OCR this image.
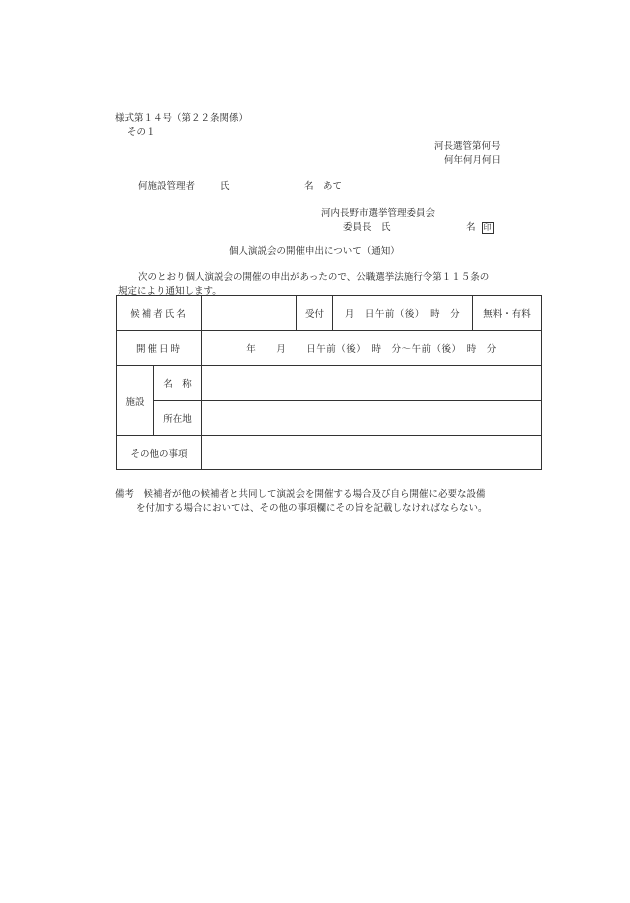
様式第１４号（第２２条関係）
その１
河長選管第何号
何年何月何日
何施設管理者	氏	名　あて
河内長野市選挙管理委員会
委員長　氏	名 印
個人演説会の開催申出について（通知）
次のとおり個人演説会の開催の申出があったので、公職選挙法施行令第１１５条の
規定により通知します。
候補者氏名			受付	月　日午前（後）　時　分	無料・有料
開催日時		年　　月　　日午前（後）　時　分〜午前（後）　時　分			
施設	名　称				
	所在地				
その他の事項					
備考　候補者が他の候補者と共同して演説会を開催する場合及び自ら開催に必要な設備
を付加する場合においては、その他の事項欄にその旨を記載しなければならない。
